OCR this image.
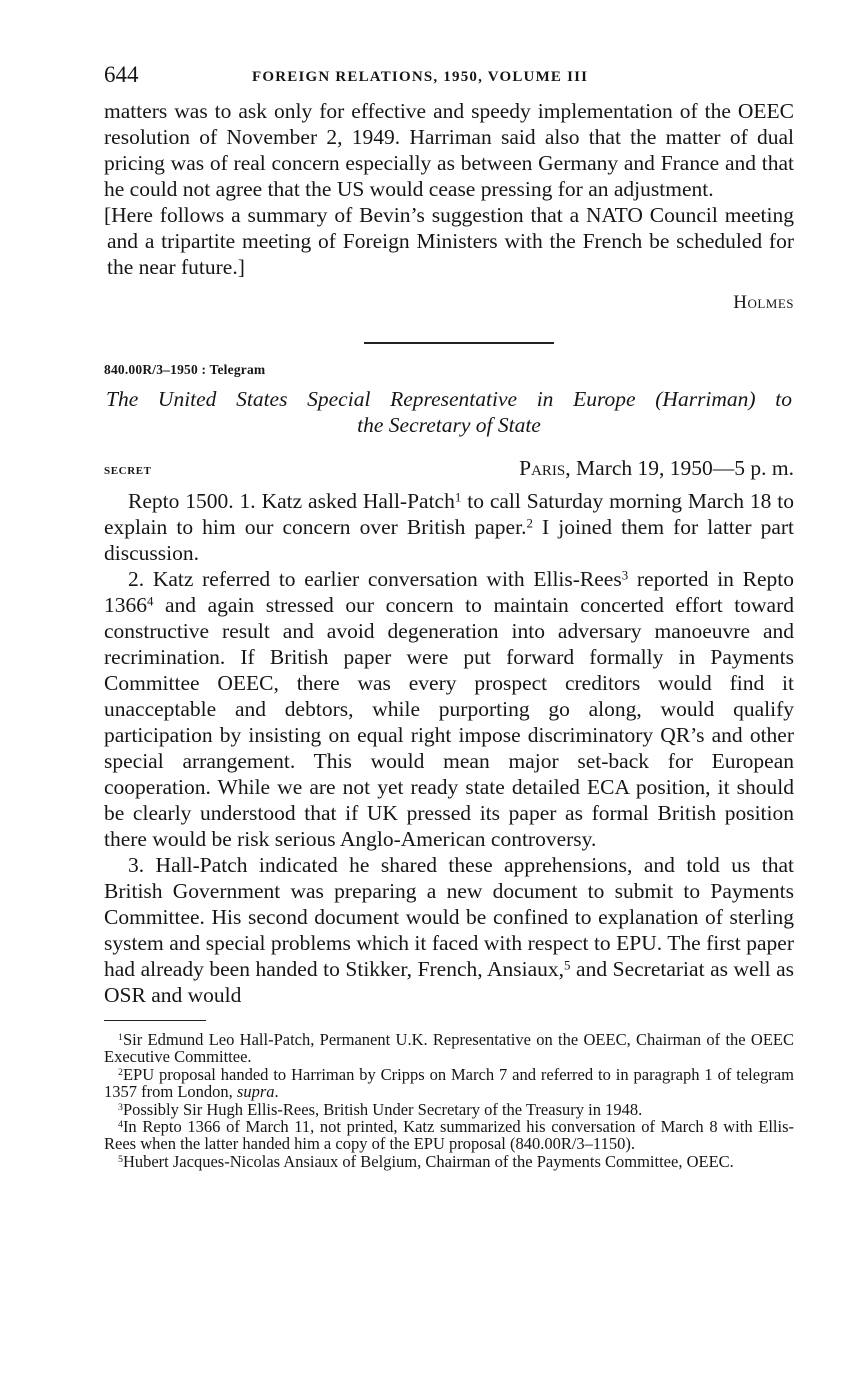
644	FOREIGN RELATIONS, 1950, VOLUME III

matters was to ask only for effective and speedy implementation of the OEEC resolution of November 2, 1949. Harriman said also that the matter of dual pricing was of real concern especially as between Germany and France and that he could not agree that the US would cease pressing for an adjustment.

[Here follows a summary of Bevin’s suggestion that a NATO Council meeting and a tripartite meeting of Foreign Ministers with the French be scheduled for the near future.]

Holmes
840.00R/3–1950 : Telegram
The United States Special Representative in Europe (Harriman) to
the Secretary of State
secret	Paris, March 19, 1950—5 p. m.

Repto 1500. 1. Katz asked Hall-Patch$^1$ to call Saturday morning March 18 to explain to him our concern over British paper.$^2$ I joined them for latter part discussion.

2. Katz referred to earlier conversation with Ellis-Rees$^3$ reported in Repto 1366$^4$ and again stressed our concern to maintain concerted effort toward constructive result and avoid degeneration into adversary manoeuvre and recrimination. If British paper were put forward formally in Payments Committee OEEC, there was every prospect creditors would find it unacceptable and debtors, while purporting go along, would qualify participation by insisting on equal right impose discriminatory QR’s and other special arrangement. This would mean major set-back for European cooperation. While we are not yet ready state detailed ECA position, it should be clearly understood that if UK pressed its paper as formal British position there would be risk serious Anglo-American controversy.

3. Hall-Patch indicated he shared these apprehensions, and told us that British Government was preparing a new document to submit to Payments Committee. His second document would be confined to explanation of sterling system and special problems which it faced with respect to EPU. The first paper had already been handed to Stikker, French, Ansiaux,$^5$ and Secretariat as well as OSR and would

$^1$Sir Edmund Leo Hall-Patch, Permanent U.K. Representative on the OEEC, Chairman of the OEEC Executive Committee.

$^2$EPU proposal handed to Harriman by Cripps on March 7 and referred to in paragraph 1 of telegram 1357 from London, supra.

$^3$Possibly Sir Hugh Ellis-Rees, British Under Secretary of the Treasury in 1948.

$^4$In Repto 1366 of March 11, not printed, Katz summarized his conversation of March 8 with Ellis-Rees when the latter handed him a copy of the EPU proposal (840.00R/3–1150).

$^5$Hubert Jacques-Nicolas Ansiaux of Belgium, Chairman of the Payments Committee, OEEC.
